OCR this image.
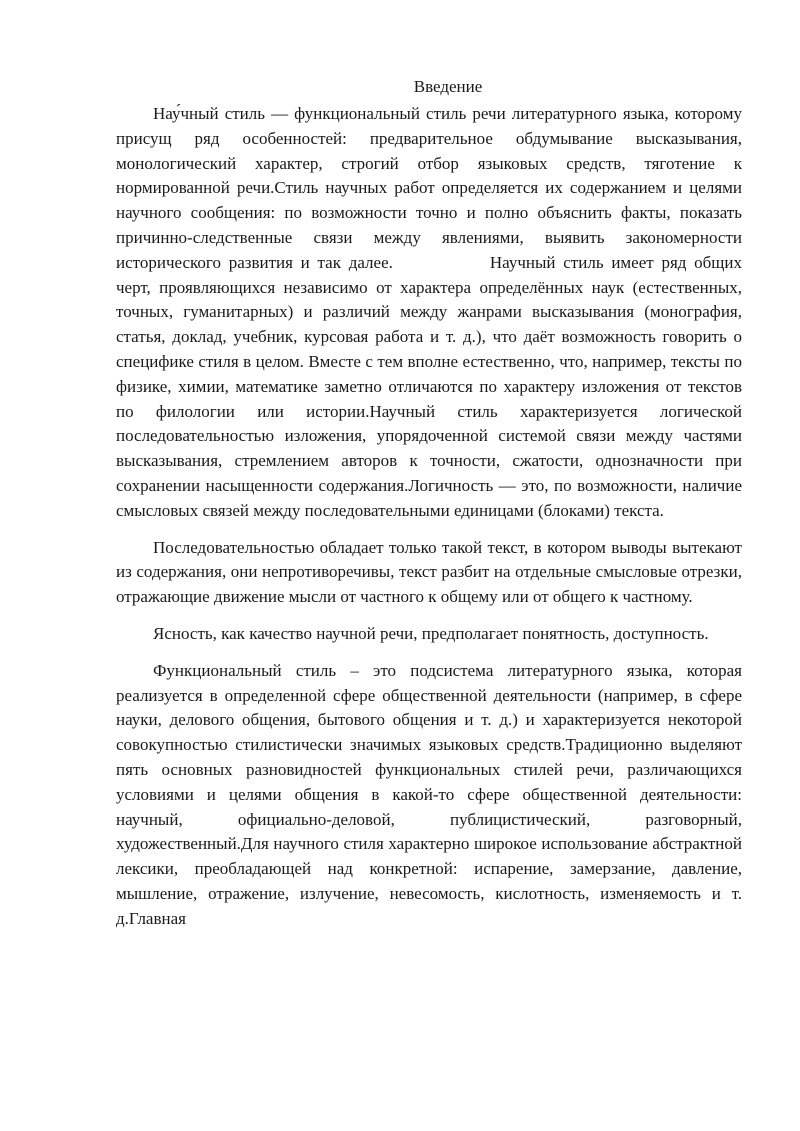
Введение

Нау́чный стиль — функциональный стиль речи литературного языка, которому присущ ряд особенностей: предварительное обдумывание высказывания, монологический характер, строгий отбор языковых средств, тяготение к нормированной речи.Стиль научных работ определяется их содержанием и целями научного сообщения: по возможности точно и полно объяснить факты, показать причинно-следственные связи между явлениями, выявить закономерности исторического развития и так далее.	Научный стиль имеет ряд общих черт, проявляющихся независимо от характера определённых наук (естественных, точных, гуманитарных) и различий между жанрами высказывания (монография, статья, доклад, учебник, курсовая работа и т. д.), что даёт возможность говорить о специфике стиля в целом. Вместе с тем вполне естественно, что, например, тексты по физике, химии, математике заметно отличаются по характеру изложения от текстов по филологии или истории.Научный стиль характеризуется логической последовательностью изложения, упорядоченной системой связи между частями высказывания, стремлением авторов к точности, сжатости, однозначности при сохранении насыщенности содержания.Логичность — это, по возможности, наличие смысловых связей между последовательными единицами (блоками) текста.

Последовательностью обладает только такой текст, в котором выводы вытекают из содержания, они непротиворечивы, текст разбит на отдельные смысловые отрезки, отражающие движение мысли от частного к общему или от общего к частному.

Ясность, как качество научной речи, предполагает понятность, доступность.

Функциональный стиль – это подсистема литературного языка, которая реализуется в определенной сфере общественной деятельности (например, в сфере науки, делового общения, бытового общения и т. д.) и характеризуется некоторой совокупностью стилистически значимых языковых средств.Традиционно выделяют пять основных разновидностей функциональных стилей речи, различающихся условиями и целями общения в какой-то сфере общественной деятельности: научный, официально-деловой, публицистический, разговорный, художественный.Для научного стиля характерно широкое использование абстрактной лексики, преобладающей над конкретной: испарение, замерзание, давление, мышление, отражение, излучение, невесомость, кислотность, изменяемость и т. д.Главная
